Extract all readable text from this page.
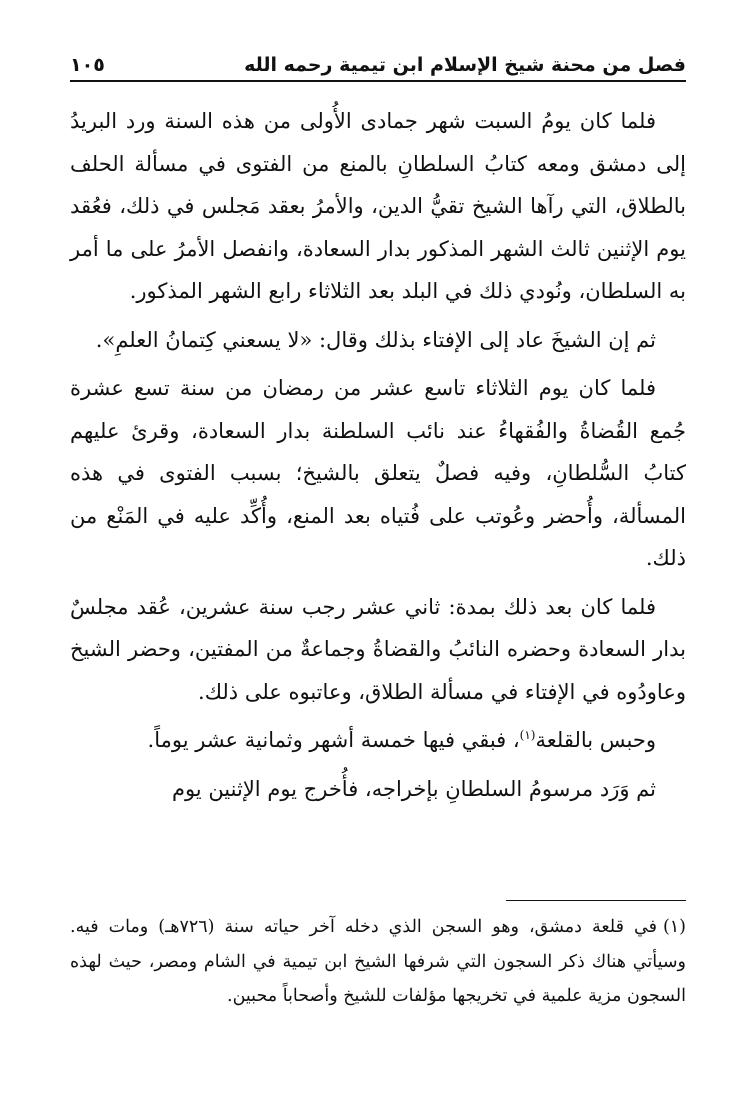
فصل من محنة شيخ الإسلام ابن تيمية رحمه الله
١٠٥

فلما كان يومُ السبت شهر جمادى الأُولى من هذه السنة ورد البريدُ إلى دمشق ومعه كتابُ السلطانِ بالمنع من الفتوى في مسألة الحلف بالطلاق، التي رآها الشيخ تقيُّ الدين، والأمرُ بعقد مَجلس في ذلك، فعُقد يوم الإثنين ثالث الشهر المذكور بدار السعادة، وانفصل الأمرُ على ما أمر به السلطان، ونُودي ذلك في البلد بعد الثلاثاء رابع الشهر المذكور.

ثم إن الشيخَ عاد إلى الإفتاء بذلك وقال: «لا يسعني كِتمانُ العلمِ».

فلما كان يوم الثلاثاء تاسع عشر من رمضان من سنة تسع عشرة جُمع القُضاةُ والفُقهاءُ عند نائب السلطنة بدار السعادة، وقرئ عليهم كتابُ السُّلطانِ، وفيه فصلٌ يتعلق بالشيخ؛ بسبب الفتوى في هذه المسألة، وأُحضر وعُوتب على فُتياه بعد المنع، وأُكِّد عليه في المَنْع من ذلك.

فلما كان بعد ذلك بمدة: ثاني عشر رجب سنة عشرين، عُقد مجلسٌ بدار السعادة وحضره النائبُ والقضاةُ وجماعةٌ من المفتين، وحضر الشيخ وعاودُوه في الإفتاء في مسألة الطلاق، وعاتبوه على ذلك.

وحبس بالقلعة$^{(١)}$، فبقي فيها خمسة أشهر وثمانية عشر يوماً.

ثم وَرَد مرسومُ السلطانِ بإخراجه، فأُخرج يوم الإثنين يوم

(١)في قلعة دمشق، وهو السجن الذي دخله آخر حياته سنة (٧٢٦هـ) ومات فيه. وسيأتي هناك ذكر السجون التي شرفها الشيخ ابن تيمية في الشام ومصر، حيث لهذه السجون مزية علمية في تخريجها مؤلفات للشيخ وأصحاباً محبين.
